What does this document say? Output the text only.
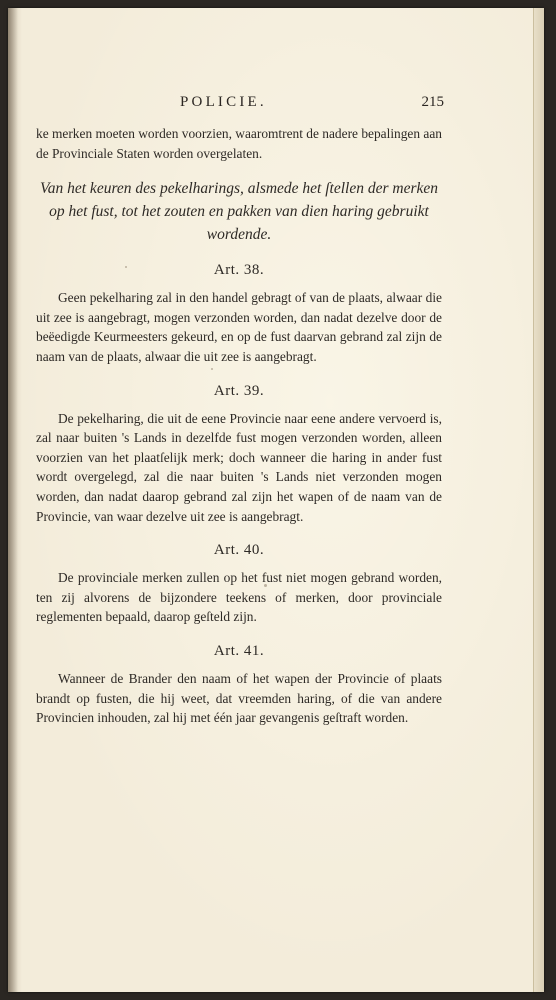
POLICIE.	215

ke merken moeten worden voorzien, waaromtrent de nadere bepalingen aan de Provinciale Staten worden overgelaten.

Van het keuren des pekelharings, alsmede het ſtellen der merken op het fust, tot het zouten en pakken van dien haring gebruikt wordende.
Art. 38.

Geen pekelharing zal in den handel gebragt of van de plaats, alwaar die uit zee is aangebragt, mogen verzonden worden, dan nadat dezelve door de beëedigde Keurmeesters gekeurd, en op de fust daarvan gebrand zal zijn de naam van de plaats, alwaar die uit zee is aangebragt.

Art. 39.

De pekelharing, die uit de eene Provincie naar eene andere vervoerd is, zal naar buiten 's Lands in dezelfde fust mogen verzonden worden, alleen voorzien van het plaatſelijk merk; doch wanneer die haring in ander fust wordt overgelegd, zal die naar buiten 's Lands niet verzonden mogen worden, dan nadat daarop gebrand zal zijn het wapen of de naam van de Provincie, van waar dezelve uit zee is aangebragt.

Art. 40.

De provinciale merken zullen op het fust niet mogen gebrand worden, ten zij alvorens de bijzondere teekens of merken, door provinciale reglementen bepaald, daarop geſteld zijn.

Art. 41.

Wanneer de Brander den naam of het wapen der Provincie of plaats brandt op fusten, die hij weet, dat vreemden haring, of die van andere Provincien inhouden, zal hij met één jaar gevangenis geſtraft worden.
